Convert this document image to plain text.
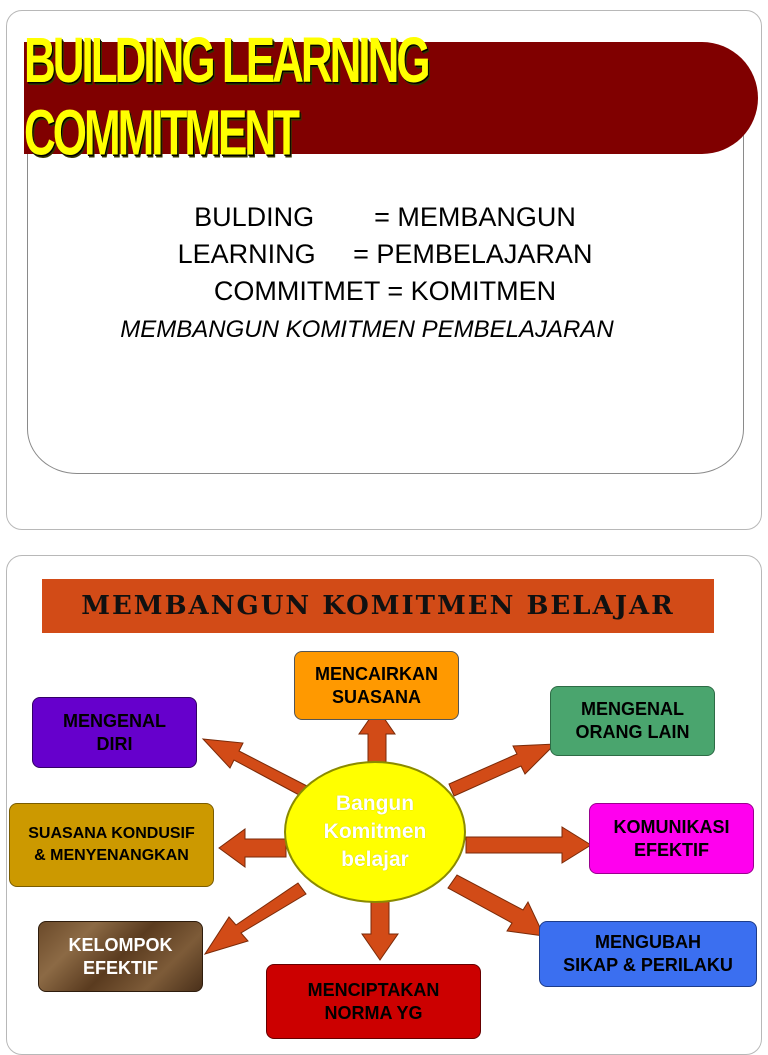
BUILDING LEARNING COMMITMENT
BULDING        = MEMBANGUN
LEARNING     = PEMBELAJARAN
COMMITMET = KOMITMEN
MEMBANGUN KOMITMEN PEMBELAJARAN
MEMBANGUN KOMITMEN BELAJAR
Bangun
Komitmen
belajar
MENCAIRKAN
SUASANA
MENGENAL
DIRI
MENGENAL
ORANG LAIN
SUASANA KONDUSIF
& MENYENANGKAN
KOMUNIKASI
EFEKTIF
KELOMPOK
EFEKTIF
MENGUBAH
SIKAP & PERILAKU
MENCIPTAKAN
NORMA YG
